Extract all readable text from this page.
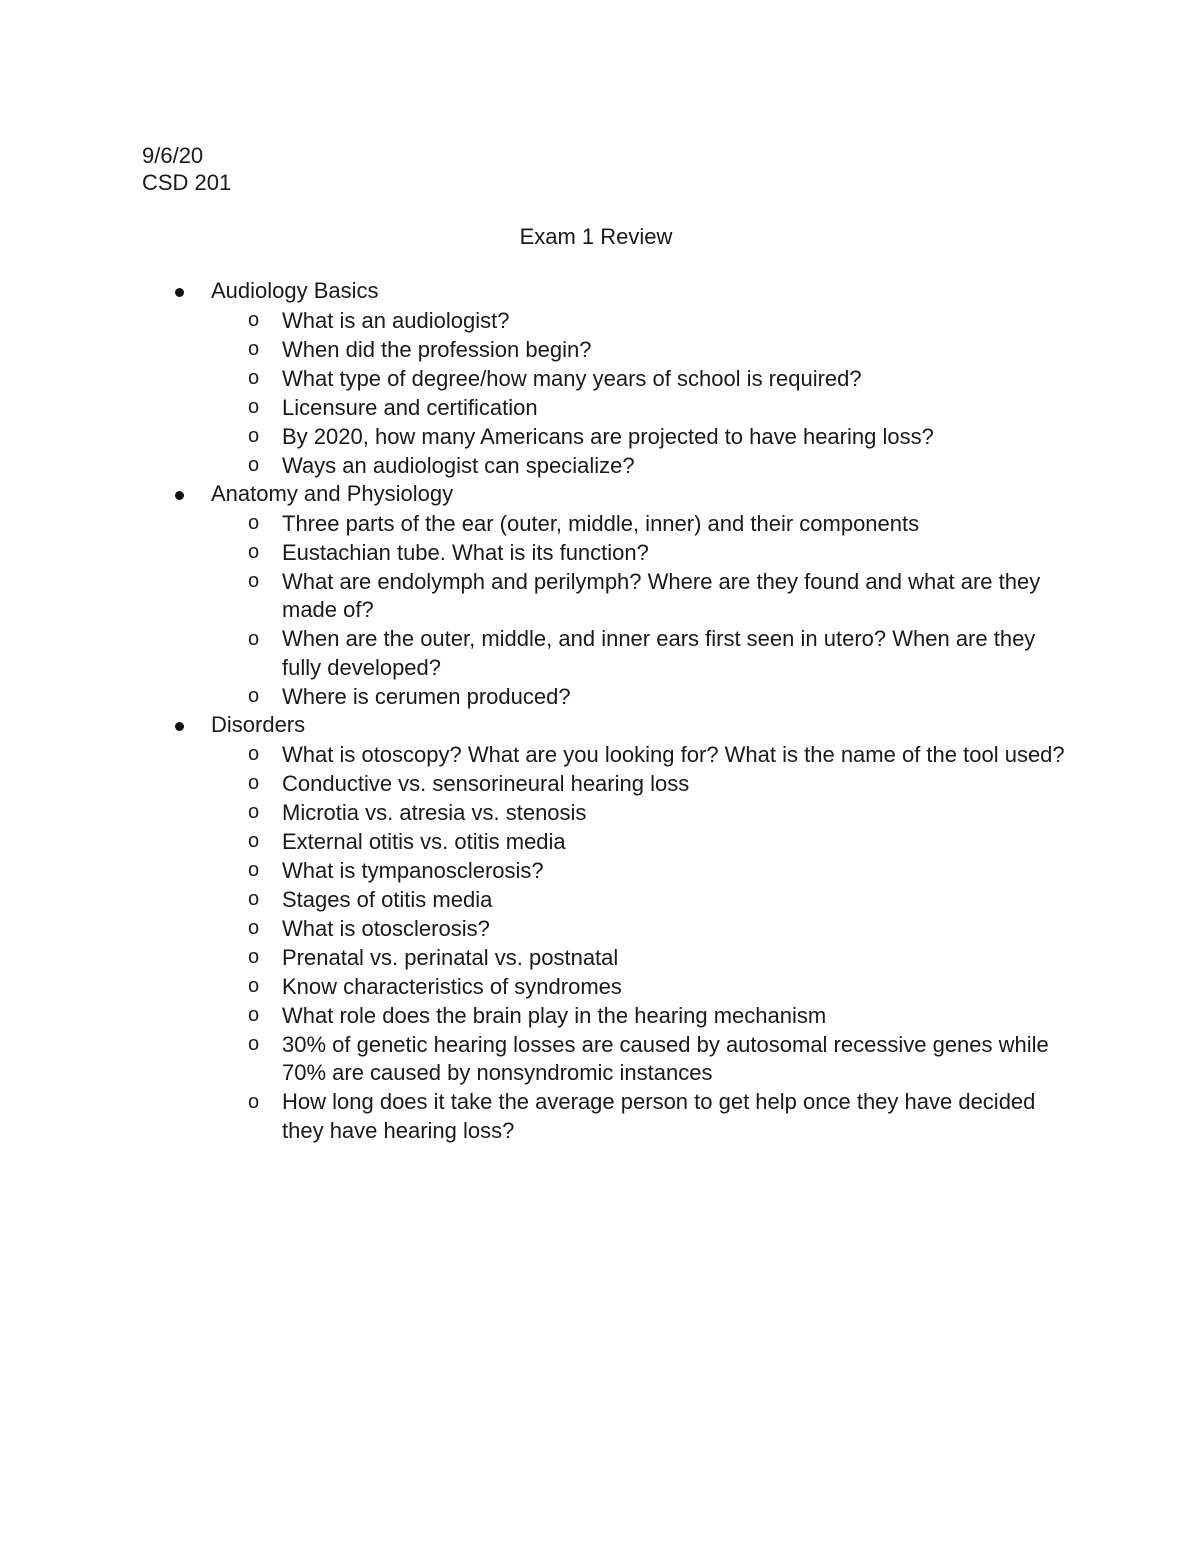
9/6/20
CSD 201
Exam 1 Review
Audiology Basics
o What is an audiologist?
o When did the profession begin?
o What type of degree/how many years of school is required?
o Licensure and certification
o By 2020, how many Americans are projected to have hearing loss?
o Ways an audiologist can specialize?
Anatomy and Physiology
o Three parts of the ear (outer, middle, inner) and their components
o Eustachian tube. What is its function?
o What are endolymph and perilymph? Where are they found and what are they made of?
o When are the outer, middle, and inner ears first seen in utero? When are they fully developed?
o Where is cerumen produced?
Disorders
o What is otoscopy? What are you looking for? What is the name of the tool used?
o Conductive vs. sensorineural hearing loss
o Microtia vs. atresia vs. stenosis
o External otitis vs. otitis media
o What is tympanosclerosis?
o Stages of otitis media
o What is otosclerosis?
o Prenatal vs. perinatal vs. postnatal
o Know characteristics of syndromes
o What role does the brain play in the hearing mechanism
o 30% of genetic hearing losses are caused by autosomal recessive genes while 70% are caused by nonsyndromic instances
o How long does it take the average person to get help once they have decided they have hearing loss?
